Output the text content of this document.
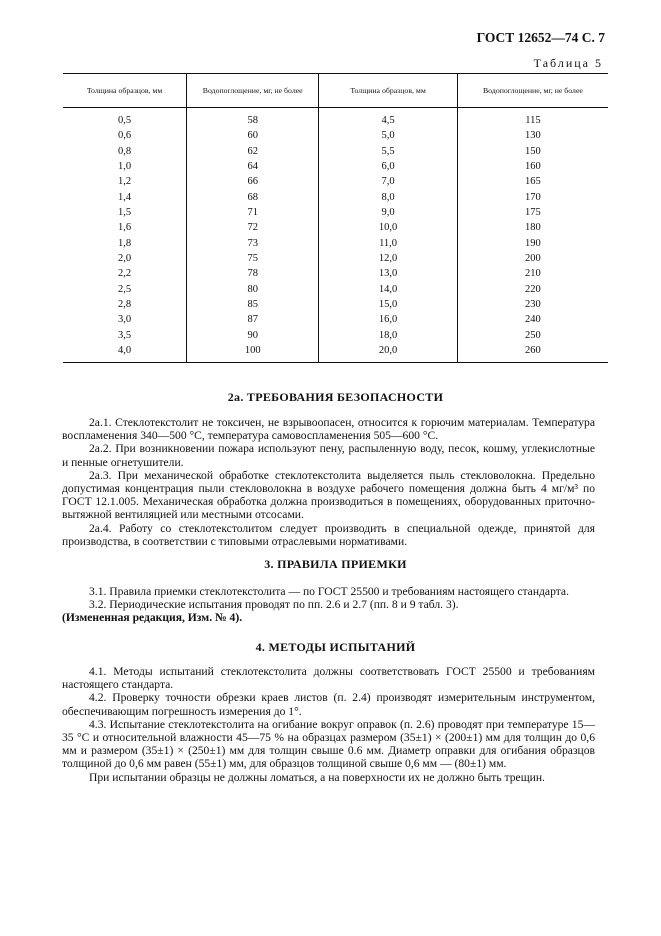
ГОСТ 12652—74 С. 7
Таблица 5
Толщина образцов, мм	Водопоглощение, мг, не более	Толщина образцов, мм	Водопоглощение, мг, не более
0,5	58	4,5	115
0,6	60	5,0	130
0,8	62	5,5	150
1,0	64	6,0	160
1,2	66	7,0	165
1,4	68	8,0	170
1,5	71	9,0	175
1,6	72	10,0	180
1,8	73	11,0	190
2,0	75	12,0	200
2,2	78	13,0	210
2,5	80	14,0	220
2,8	85	15,0	230
3,0	87	16,0	240
3,5	90	18,0	250
4,0	100	20,0	260
2а. ТРЕБОВАНИЯ БЕЗОПАСНОСТИ

2а.1. Стеклотекстолит не токсичен, не взрывоопасен, относится к горючим материалам. Температура воспламенения 340—500 °С, температура самовоспламенения 505—600 °С.

2а.2. При возникновении пожара используют пену, распыленную воду, песок, кошму, углекислотные и пенные огнетушители.

2а.3. При механической обработке стеклотекстолита выделяется пыль стекловолокна. Предельно допустимая концентрация пыли стекловолокна в воздухе рабочего помещения должна быть 4 мг/м³ по ГОСТ 12.1.005. Механическая обработка должна производиться в помещениях, оборудованных приточно-вытяжной вентиляцией или местными отсосами.

2а.4. Работу со стеклотекстолитом следует производить в специальной одежде, принятой для производства, в соответствии с типовыми отраслевыми нормативами.

3. ПРАВИЛА ПРИЕМКИ

3.1. Правила приемки стеклотекстолита — по ГОСТ 25500 и требованиям настоящего стандарта.

3.2. Периодические испытания проводят по пп. 2.6 и 2.7 (пп. 8 и 9 табл. 3).

(Измененная редакция, Изм. № 4).

4. МЕТОДЫ ИСПЫТАНИЙ

4.1. Методы испытаний стеклотекстолита должны соответствовать ГОСТ 25500 и требованиям настоящего стандарта.

4.2. Проверку точности обрезки краев листов (п. 2.4) производят измерительным инструментом, обеспечивающим погрешность измерения до 1°.

4.3. Испытание стеклотекстолита на огибание вокруг оправок (п. 2.6) проводят при температуре 15—35 °С и относительной влажности 45—75 % на образцах размером (35±1) × (200±1) мм для толщин до 0,6 мм и размером (35±1) × (250±1) мм для толщин свыше 0.6 мм. Диаметр оправки для огибания образцов толщиной до 0,6 мм равен (55±1) мм, для образцов толщиной свыше 0,6 мм — (80±1) мм.

При испытании образцы не должны ломаться, а на поверхности их не должно быть трещин.
